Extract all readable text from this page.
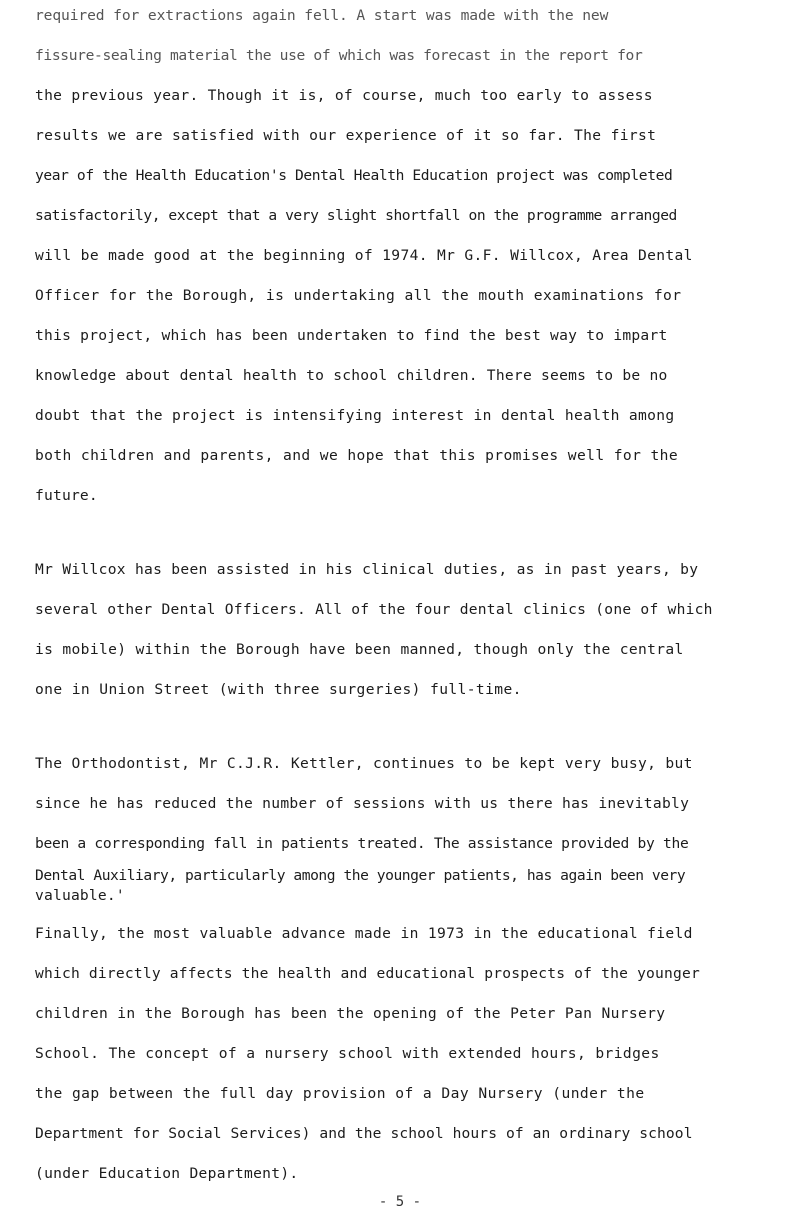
required for extractions again fell. A start was made with the new
fissure-sealing material the use of which was forecast in the report for
the previous year. Though it is, of course, much too early to assess
results we are satisfied with our experience of it so far. The first
year of the Health Education's Dental Health Education project was completed
satisfactorily, except that a very slight shortfall on the programme arranged
will be made good at the beginning of 1974. Mr G.F. Willcox, Area Dental
Officer for the Borough, is undertaking all the mouth examinations for
this project, which has been undertaken to find the best way to impart
knowledge about dental health to school children. There seems to be no
doubt that the project is intensifying interest in dental health among
both children and parents, and we hope that this promises well for the
future.
Mr Willcox has been assisted in his clinical duties, as in past years, by
several other Dental Officers. All of the four dental clinics (one of which
is mobile) within the Borough have been manned, though only the central
one in Union Street (with three surgeries) full-time.
The Orthodontist, Mr C.J.R. Kettler, continues to be kept very busy, but
since he has reduced the number of sessions with us there has inevitably
been a corresponding fall in patients treated. The assistance provided by the
Dental Auxiliary, particularly among the younger patients, has again been very
valuable.'
Finally, the most valuable advance made in 1973 in the educational field
which directly affects the health and educational prospects of the younger
children in the Borough has been the opening of the Peter Pan Nursery
School. The concept of a nursery school with extended hours, bridges
the gap between the full day provision of a Day Nursery (under the
Department for Social Services) and the school hours of an ordinary school
(under Education Department).
- 5 -
